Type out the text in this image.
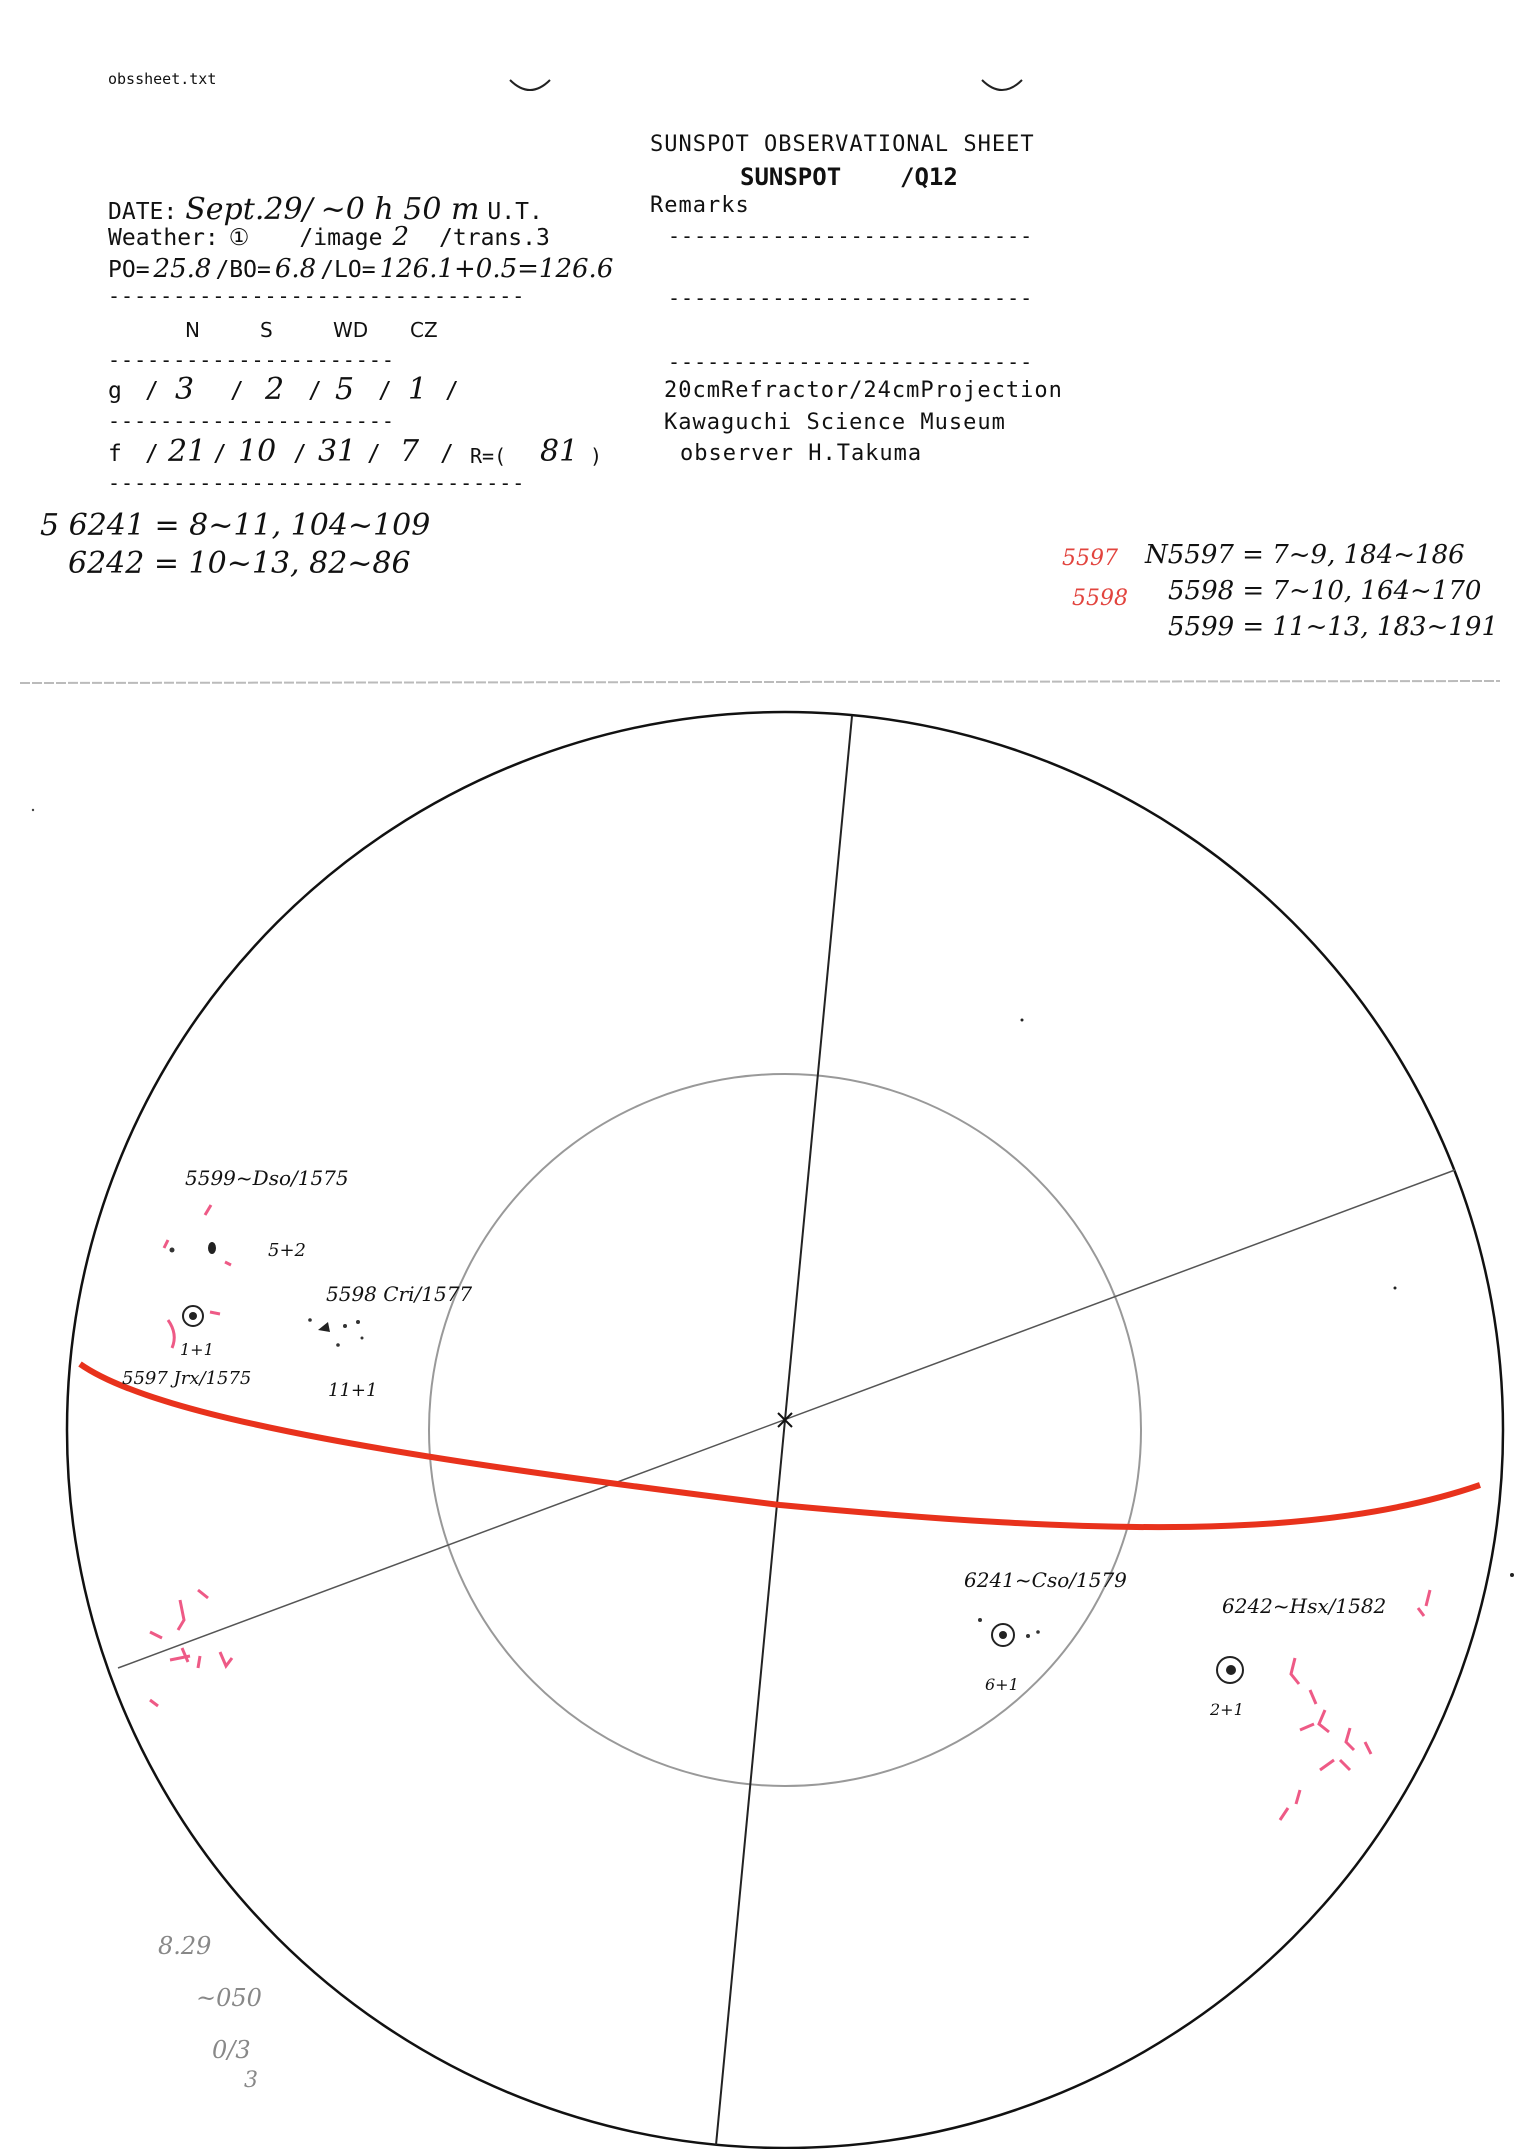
obssheet.txt
SUNSPOT OBSERVATIONAL SHEET
SUNSPOT /Q12
Remarks
DATE: Sept.29/ ~0 h 50 m U.T.
Weather: ① /image 2 /trans.3
PO= 25.8 /BO= 6.8 /LO= 126.1+0.5=126.6
--------------------------------
----------------------
----------------------
--------------------------------
N	S	WD CZ
g / 3 / 2 / 5 / 1 /
f / 21 / 10 / 31 / 7 / R=( 81 )
----------------------------
----------------------------
----------------------------
20cmRefractor/24cmProjection
Kawaguchi Science Museum
observer H.Takuma
5 6241 = 8~11, 104~109
6242 = 10~13, 82~86	5597
5598
N5597 = 7~9, 184~186
5598 = 7~10, 164~170
5599 = 11~13, 183~191
5599~Dso/1575
5+2
5598 Cri/1577
1+1
5597 Jrx/1575
11+1
6241~Cso/1579
6+1
6242~Hsx/1582
2+1
8.29
~050
0/3
3
